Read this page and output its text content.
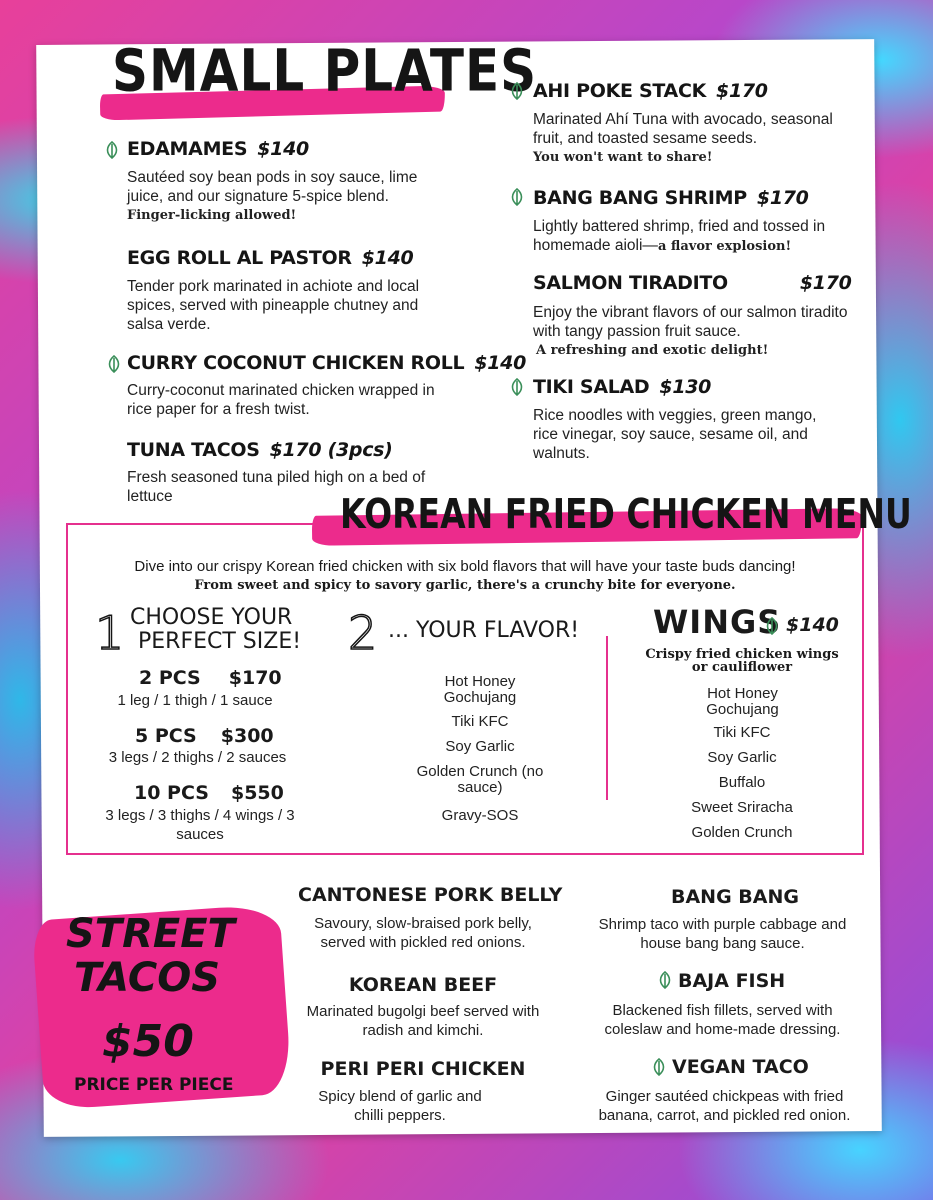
SMALL PLATES
EDAMAMES $140
Sautéed soy bean pods in soy sauce, lime juice, and our signature 5-spice blend.
Finger-licking allowed!
EGG ROLL AL PASTOR $140
Tender pork marinated in achiote and local spices, served with pineapple chutney and salsa verde.
CURRY COCONUT CHICKEN ROLL $140
Curry-coconut marinated chicken wrapped in rice paper for a fresh twist.
TUNA TACOS $170 (3pcs)
Fresh seasoned tuna piled high on a bed of lettuce
AHI POKE STACK $170
Marinated Ahí Tuna with avocado, seasonal fruit, and toasted sesame seeds.
You won't want to share!
BANG BANG SHRIMP $170
Lightly battered shrimp, fried and tossed in homemade aioli—a flavor explosion!
SALMON TIRADITO	$170
Enjoy the vibrant flavors of our salmon tiradito with tangy passion fruit sauce.
A refreshing and exotic delight!
TIKI SALAD $130
Rice noodles with veggies, green mango, rice vinegar, soy sauce, sesame oil, and walnuts.
KOREAN FRIED CHICKEN MENU
Dive into our crispy Korean fried chicken with six bold flavors that will have your taste buds dancing!
From sweet and spicy to savory garlic, there's a crunchy bite for everyone.
1 CHOOSE YOUR
PERFECT SIZE!
2 PCS $170
1 leg / 1 thigh / 1 sauce
5 PCS $300
3 legs / 2 thighs / 2 sauces
10 PCS $550
3 legs / 3 thighs / 4 wings / 3 sauces
2 ... YOUR FLAVOR!
Hot Honey Gochujang
Tiki KFC
Soy Garlic
Golden Crunch (no sauce)
Gravy-SOS
WINGS $140
Crispy fried chicken wings or cauliflower
Hot Honey Gochujang
Tiki KFC
Soy Garlic
Buffalo
Sweet Sriracha
Golden Crunch
STREET
TACOS
$50
PRICE PER PIECE
CANTONESE PORK BELLY
Savoury, slow-braised pork belly, served with pickled red onions.
KOREAN BEEF
Marinated bugolgi beef served with radish and kimchi.
PERI PERI CHICKEN
Spicy blend of garlic and chilli peppers.
BANG BANG
Shrimp taco with purple cabbage and house bang bang sauce.
BAJA FISH
Blackened fish fillets, served with coleslaw and home-made dressing.
VEGAN TACO
Ginger sautéed chickpeas with fried banana, carrot, and pickled red onion.
